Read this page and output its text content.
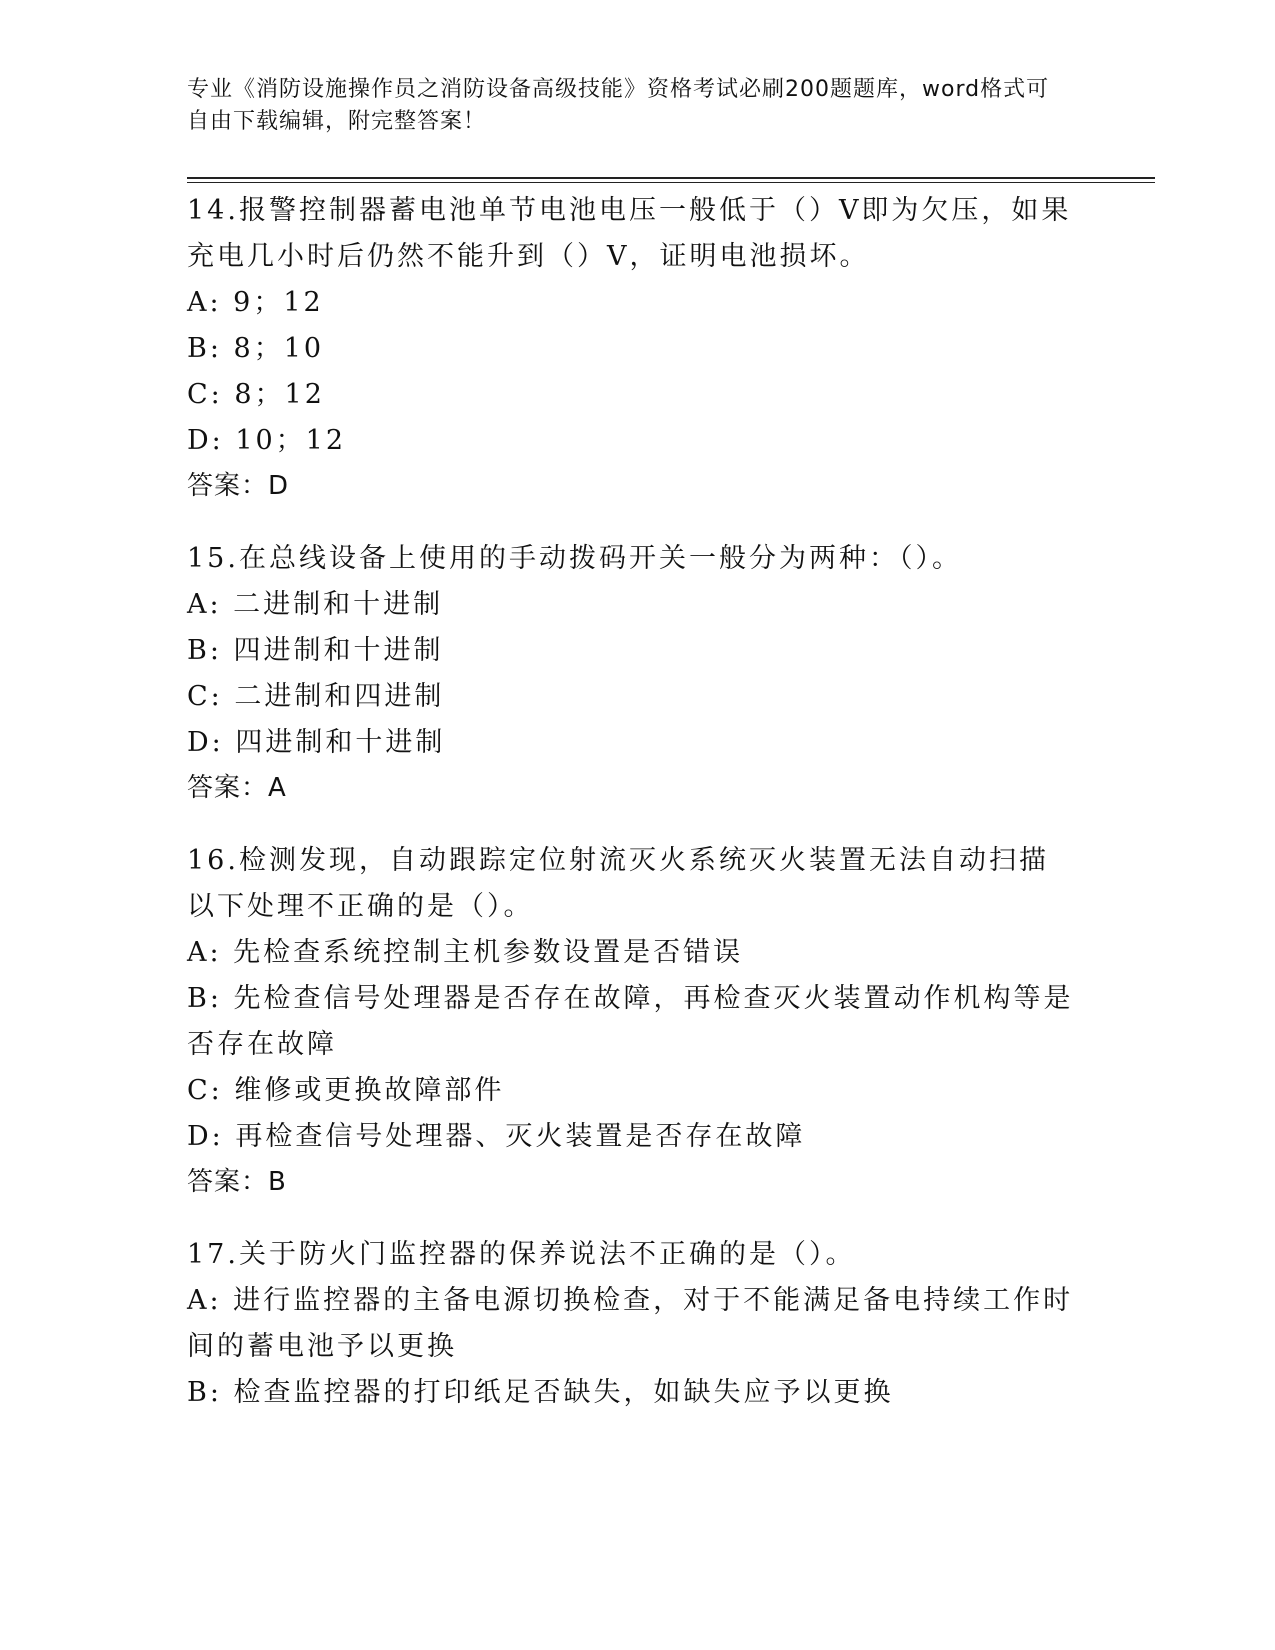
专业《消防设施操作员之消防设备高级技能》资格考试必刷200题题库，word格式可自由下载编辑，附完整答案！
14.报警控制器蓄电池单节电池电压一般低于（）V即为欠压，如果充电几小时后仍然不能升到（）V，证明电池损坏。
A: 9；12
B: 8；10
C: 8；12
D: 10；12
答案：D
15.在总线设备上使用的手动拨码开关一般分为两种：（）。
A: 二进制和十进制
B: 四进制和十进制
C: 二进制和四进制
D: 四进制和十进制
答案：A
16.检测发现，自动跟踪定位射流灭火系统灭火装置无法自动扫描以下处理不正确的是（）。
A: 先检查系统控制主机参数设置是否错误
B: 先检查信号处理器是否存在故障，再检查灭火装置动作机构等是否存在故障
C: 维修或更换故障部件
D: 再检查信号处理器、灭火装置是否存在故障
答案：B
17.关于防火门监控器的保养说法不正确的是（）。
A: 进行监控器的主备电源切换检查，对于不能满足备电持续工作时间的蓄电池予以更换
B: 检查监控器的打印纸足否缺失，如缺失应予以更换
